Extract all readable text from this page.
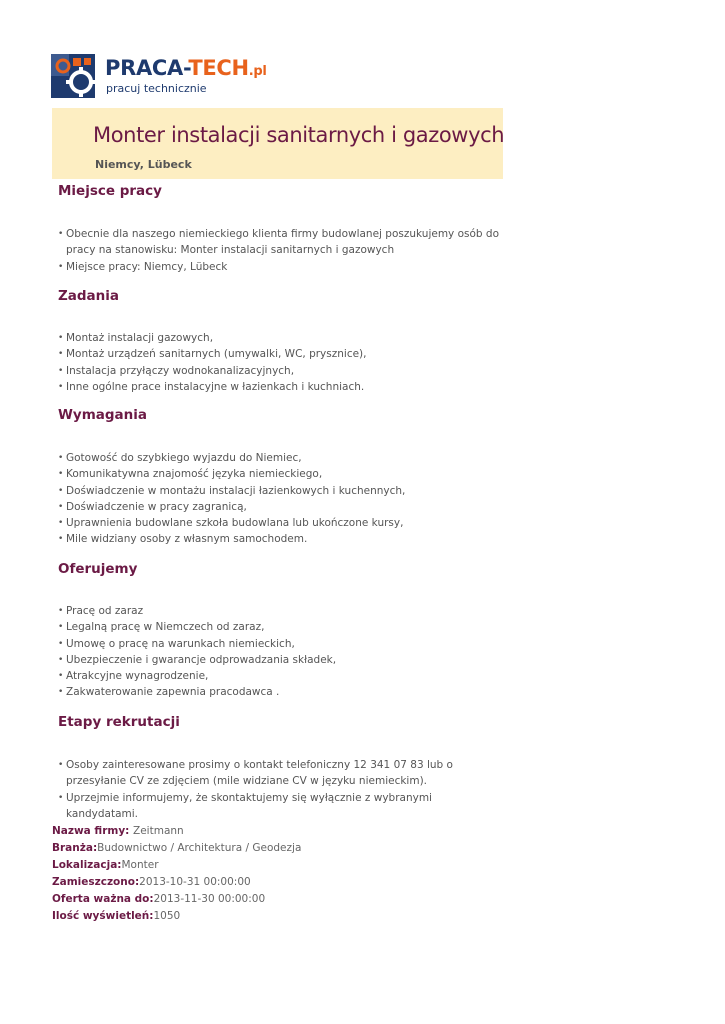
PRACA-TECH.pl
pracuj technicznie
Monter instalacji sanitarnych i gazowych
Niemcy, Lübeck
Miejsce pracy
• Obecnie dla naszego niemieckiego klienta firmy budowlanej poszukujemy osób do pracy na stanowisku: Monter instalacji sanitarnych i gazowych
• Miejsce pracy: Niemcy, Lübeck
Zadania
• Montaż instalacji gazowych,
• Montaż urządzeń sanitarnych (umywalki, WC, prysznice),
• Instalacja przyłączy wodnokanalizacyjnych,
• Inne ogólne prace instalacyjne w łazienkach i kuchniach.
Wymagania
• Gotowość do szybkiego wyjazdu do Niemiec,
• Komunikatywna znajomość języka niemieckiego,
• Doświadczenie w montażu instalacji łazienkowych i kuchennych,
• Doświadczenie w pracy zagranicą,
• Uprawnienia budowlane szkoła budowlana lub ukończone kursy,
• Mile widziany osoby z własnym samochodem.
Oferujemy
• Pracę od zaraz
• Legalną pracę w Niemczech od zaraz,
• Umowę o pracę na warunkach niemieckich,
• Ubezpieczenie i gwarancje odprowadzania składek,
• Atrakcyjne wynagrodzenie,
• Zakwaterowanie zapewnia pracodawca .
Etapy rekrutacji
• Osoby zainteresowane prosimy o kontakt telefoniczny 12 341 07 83 lub o przesyłanie CV ze zdjęciem (mile widziane CV w języku niemieckim).
• Uprzejmie informujemy, że skontaktujemy się wyłącznie z wybranymi kandydatami.
Nazwa firmy: Zeitmann
Branża:Budownictwo / Architektura / Geodezja
Lokalizacja:Monter
Zamieszczono:2013-10-31 00:00:00
Oferta ważna do:2013-11-30 00:00:00
Ilość wyświetleń:1050
